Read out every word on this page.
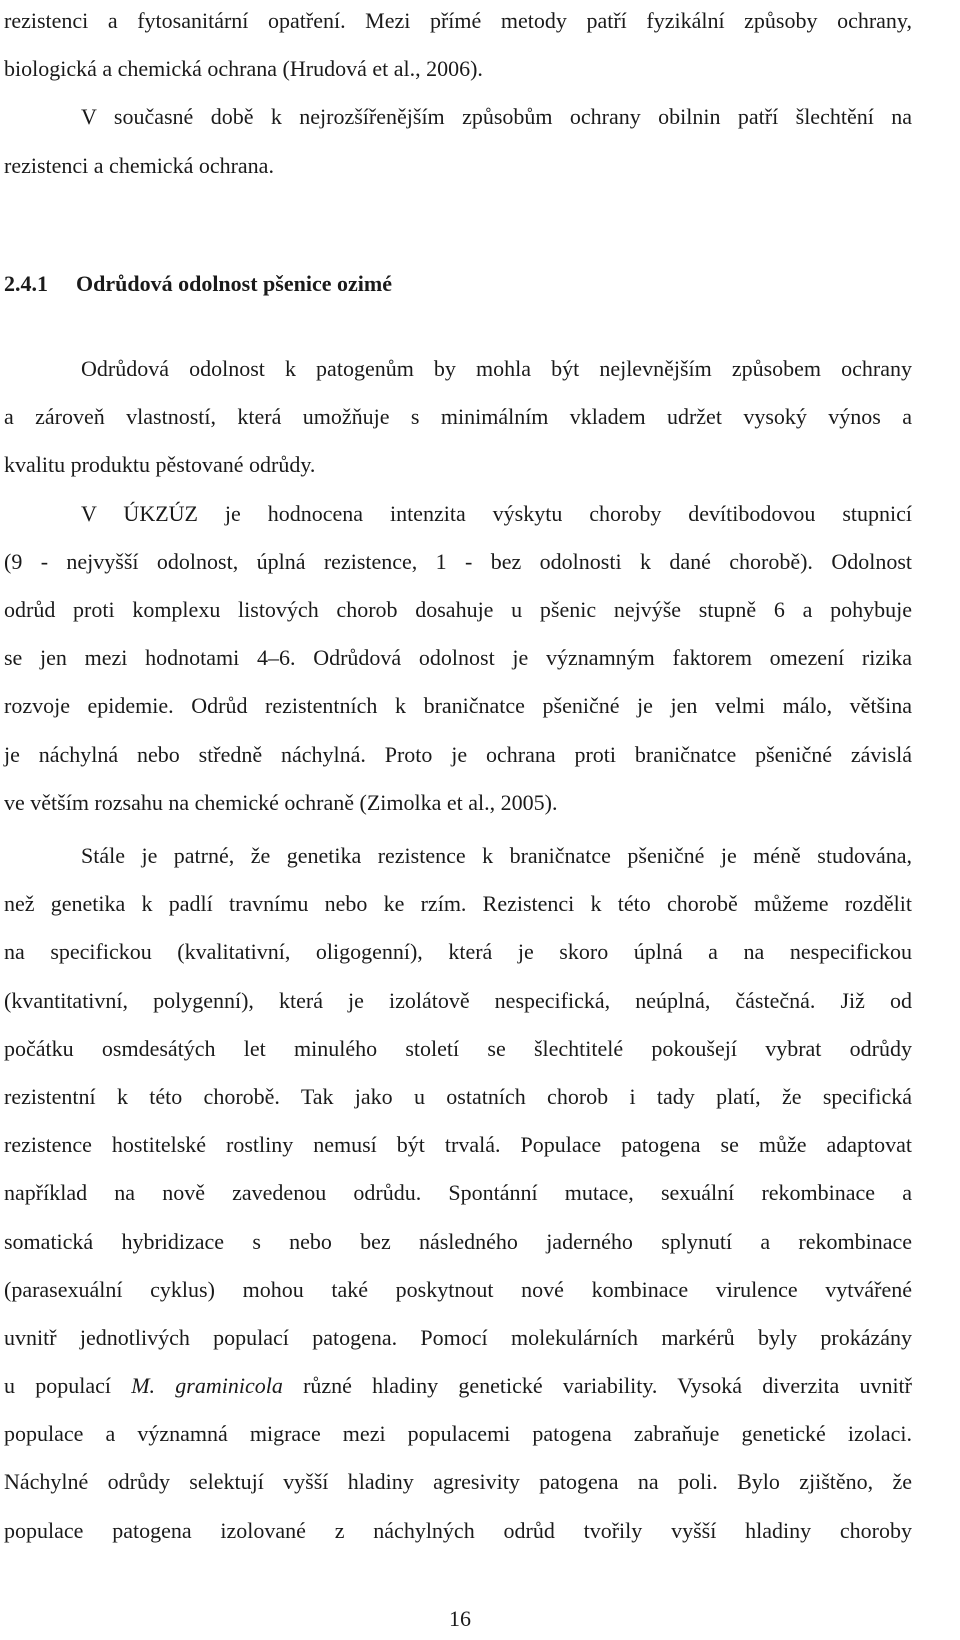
rezistenci a fytosanitární opatření. Mezi přímé metody patří fyzikální způsoby ochrany,
biologická a chemická ochrana (Hrudová et al., 2006).
V současné době k nejrozšířenějším způsobům ochrany obilnin patří šlechtění na
rezistenci a chemická ochrana.
2.4.1 Odrůdová odolnost pšenice ozimé
Odrůdová odolnost k patogenům by mohla být nejlevnějším způsobem ochrany
a zároveň vlastností, která umožňuje s minimálním vkladem udržet vysoký výnos a
kvalitu produktu pěstované odrůdy.
V ÚKZÚZ je hodnocena intenzita výskytu choroby devítibodovou stupnicí
(9 - nejvyšší odolnost, úplná rezistence, 1 - bez odolnosti k dané chorobě). Odolnost
odrůd proti komplexu listových chorob dosahuje u pšenic nejvýše stupně 6 a pohybuje
se jen mezi hodnotami 4–6. Odrůdová odolnost je významným faktorem omezení rizika
rozvoje epidemie. Odrůd rezistentních k braničnatce pšeničné je jen velmi málo, většina
je náchylná nebo středně náchylná. Proto je ochrana proti braničnatce pšeničné závislá
ve větším rozsahu na chemické ochraně (Zimolka et al., 2005).
Stále je patrné, že genetika rezistence k braničnatce pšeničné je méně studována,
než genetika k padlí travnímu nebo ke rzím. Rezistenci k této chorobě můžeme rozdělit
na specifickou (kvalitativní, oligogenní), která je skoro úplná a na nespecifickou
(kvantitativní, polygenní), která je izolátově nespecifická, neúplná, částečná. Již od
počátku osmdesátých let minulého století se šlechtitelé pokoušejí vybrat odrůdy
rezistentní k této chorobě. Tak jako u ostatních chorob i tady platí, že specifická
rezistence hostitelské rostliny nemusí být trvalá. Populace patogena se může adaptovat
například na nově zavedenou odrůdu. Spontánní mutace, sexuální rekombinace a
somatická hybridizace s nebo bez následného jaderného splynutí a rekombinace
(parasexuální cyklus) mohou také poskytnout nové kombinace virulence vytvářené
uvnitř jednotlivých populací patogena. Pomocí molekulárních markérů byly prokázány
u populací M. graminicola různé hladiny genetické variability. Vysoká diverzita uvnitř
populace a významná migrace mezi populacemi patogena zabraňuje genetické izolaci.
Náchylné odrůdy selektují vyšší hladiny agresivity patogena na poli. Bylo zjištěno, že
populace patogena izolované z náchylných odrůd tvořily vyšší hladiny choroby
16
